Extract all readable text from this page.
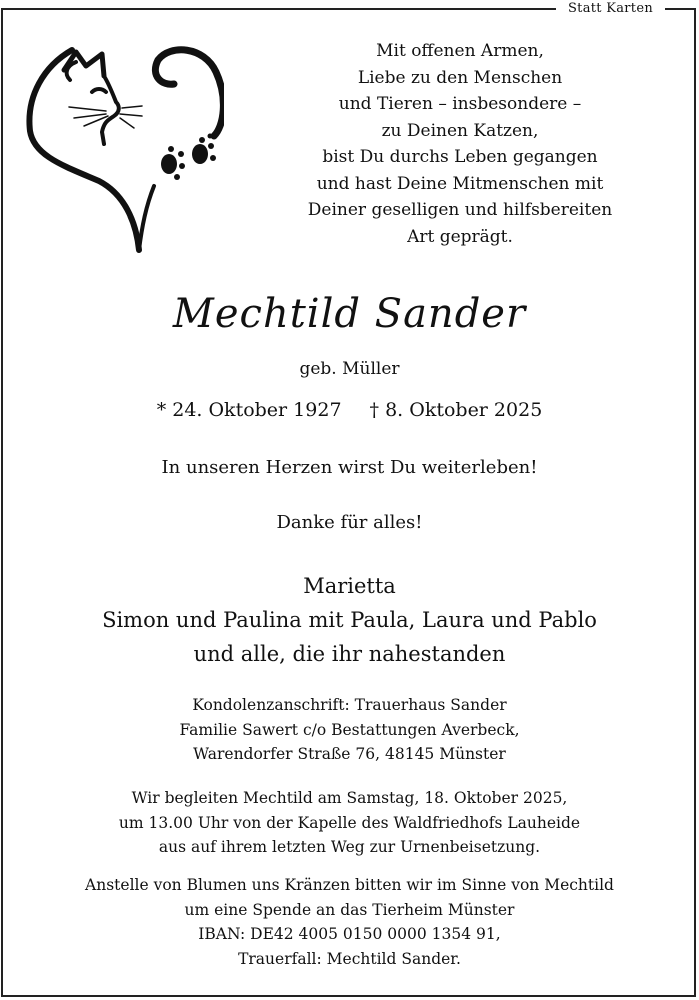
Statt Karten
Mit offenen Armen,
Liebe zu den Menschen
und Tieren – insbesondere –
zu Deinen Katzen,
bist Du durchs Leben gegangen
und hast Deine Mitmenschen mit
Deiner geselligen und hilfsbereiten
Art geprägt.
Mechtild Sander
geb. Müller
* 24. Oktober 1927 † 8. Oktober 2025
In unseren Herzen wirst Du weiterleben!
Danke für alles!
Marietta
Simon und Paulina mit Paula, Laura und Pablo
und alle, die ihr nahestanden
Kondolenzanschrift: Trauerhaus Sander
Familie Sawert c/o Bestattungen Averbeck,
Warendorfer Straße 76, 48145 Münster
Wir begleiten Mechtild am Samstag, 18. Oktober 2025,
um 13.00 Uhr von der Kapelle des Waldfriedhofs Lauheide
aus auf ihrem letzten Weg zur Urnenbeisetzung.
Anstelle von Blumen uns Kränzen bitten wir im Sinne von Mechtild
um eine Spende an das Tierheim Münster
IBAN: DE42 4005 0150 0000 1354 91,
Trauerfall: Mechtild Sander.
